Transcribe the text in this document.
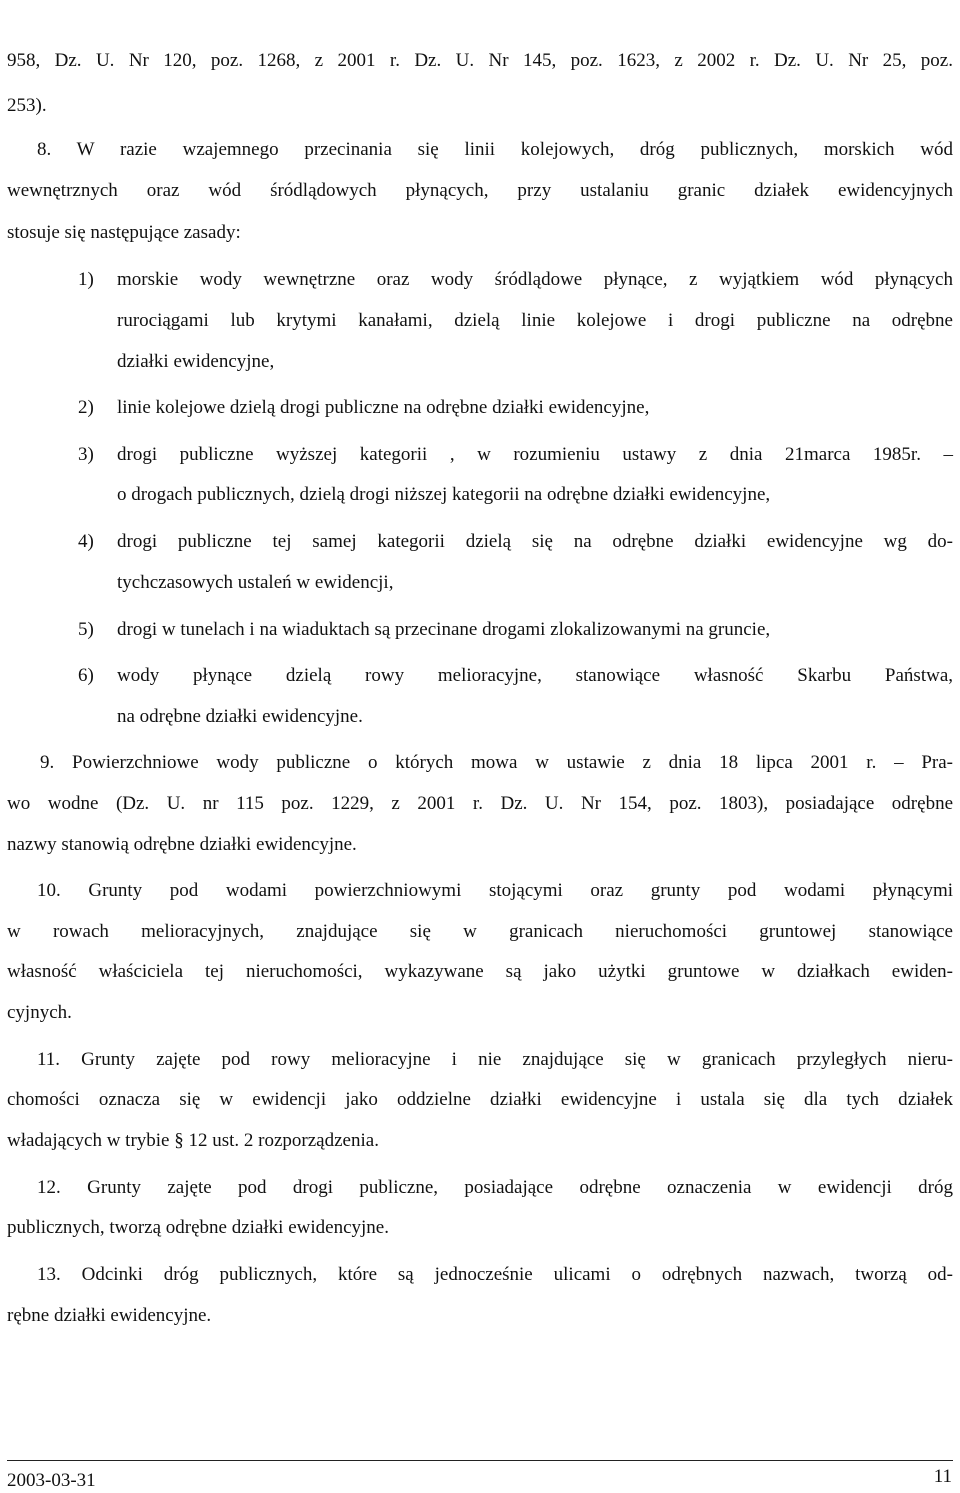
958, Dz. U. Nr 120, poz. 1268, z 2001 r. Dz. U. Nr 145, poz. 1623, z 2002 r. Dz. U. Nr 25, poz.
253).
8. W razie wzajemnego przecinania się linii kolejowych, dróg publicznych, morskich wód
wewnętrznych oraz wód śródlądowych płynących, przy ustalaniu granic działek ewidencyjnych
stosuje się następujące zasady:
1) morskie wody wewnętrzne oraz wody śródlądowe płynące, z wyjątkiem wód płynących
rurociągami lub krytymi kanałami, dzielą linie kolejowe i drogi publiczne na odrębne
działki ewidencyjne,
2) linie kolejowe dzielą drogi publiczne na odrębne działki ewidencyjne,
3) drogi publiczne wyższej kategorii , w rozumieniu ustawy z dnia 21marca 1985r. –
o drogach publicznych, dzielą drogi niższej kategorii na odrębne działki ewidencyjne,
4) drogi publiczne tej samej kategorii dzielą się na odrębne działki ewidencyjne wg do-
tychczasowych ustaleń w ewidencji,
5) drogi w tunelach i na wiaduktach są przecinane drogami zlokalizowanymi na gruncie,
6) wody płynące dzielą rowy melioracyjne, stanowiące własność Skarbu Państwa,
na odrębne działki ewidencyjne.
9. Powierzchniowe wody publiczne o których mowa w ustawie z dnia 18 lipca 2001 r. – Pra-
wo wodne (Dz. U. nr 115 poz. 1229, z 2001 r. Dz. U. Nr 154, poz. 1803), posiadające odrębne
nazwy stanowią odrębne działki ewidencyjne.
10. Grunty pod wodami powierzchniowymi stojącymi oraz grunty pod wodami płynącymi
w rowach melioracyjnych, znajdujące się w granicach nieruchomości gruntowej stanowiące
własność właściciela tej nieruchomości, wykazywane są jako użytki gruntowe w działkach ewiden-
cyjnych.
11. Grunty zajęte pod rowy melioracyjne i nie znajdujące się w granicach przyległych nieru-
chomości oznacza się w ewidencji jako oddzielne działki ewidencyjne i ustala się dla tych działek
władających w trybie § 12 ust. 2 rozporządzenia.
12. Grunty zajęte pod drogi publiczne, posiadające odrębne oznaczenia w ewidencji dróg
publicznych, tworzą odrębne działki ewidencyjne.
13. Odcinki dróg publicznych, które są jednocześnie ulicami o odrębnych nazwach, tworzą od-
rębne działki ewidencyjne.
2003-03-31	11
